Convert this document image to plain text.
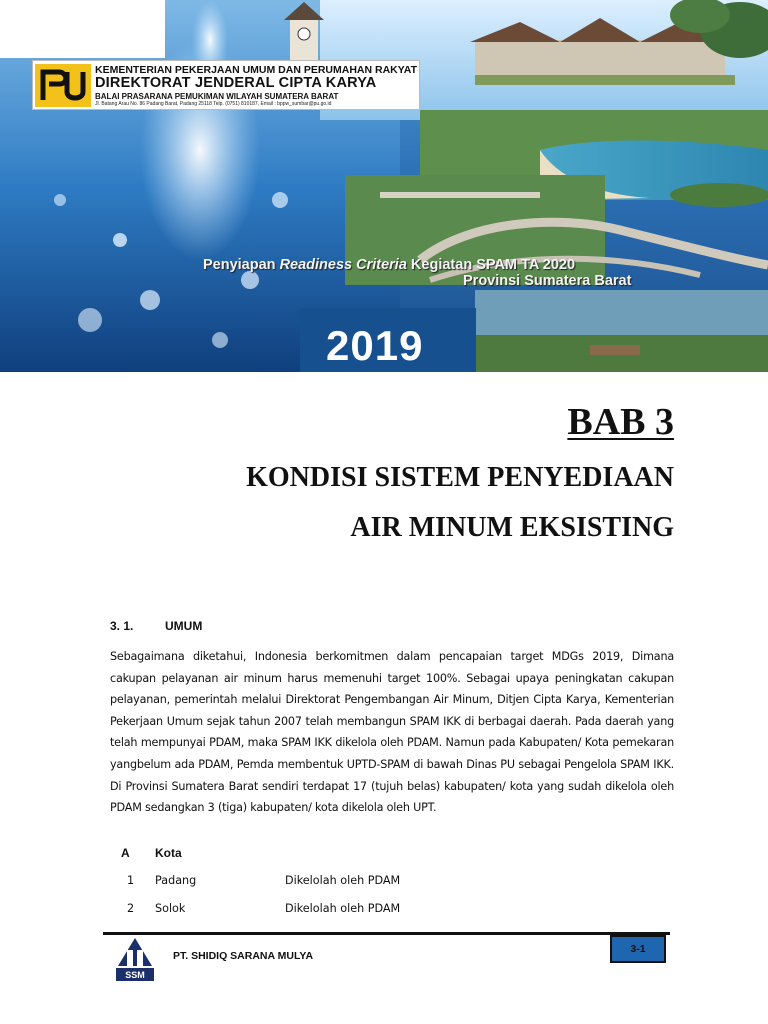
KEMENTERIAN PEKERJAAN UMUM DAN PERUMAHAN RAKYAT
DIREKTORAT JENDERAL CIPTA KARYA
BALAI PRASARANA PEMUKIMAN WILAYAH SUMATERA BARAT
Jl. Batang Arau No. 86 Padang Barat, Padang 25118 Telp. (0751) 810187, Email : bppw_sumbar@pu.go.id
Penyiapan Readiness Criteria Kegiatan SPAM TA 2020
Provinsi Sumatera Barat
2019
BAB 3
KONDISI SISTEM PENYEDIAAN
AIR MINUM EKSISTING
3. 1.	UMUM
Sebagaimana diketahui, Indonesia berkomitmen dalam pencapaian target MDGs 2019, Dimana cakupan pelayanan air minum harus memenuhi target 100%. Sebagai upaya peningkatan cakupan pelayanan, pemerintah melalui Direktorat Pengembangan Air Minum, Ditjen Cipta Karya, Kementerian Pekerjaan Umum sejak tahun 2007 telah membangun SPAM IKK di berbagai daerah. Pada daerah yang telah mempunyai PDAM, maka SPAM IKK dikelola oleh PDAM. Namun pada Kabupaten/ Kota pemekaran yangbelum ada PDAM, Pemda membentuk UPTD-SPAM di bawah Dinas PU sebagai Pengelola SPAM IKK. Di Provinsi Sumatera Barat sendiri terdapat 17 (tujuh belas) kabupaten/ kota yang sudah dikelola oleh PDAM sedangkan 3 (tiga) kabupaten/ kota dikelola oleh UPT.
A Kota
1 Padang	Dikelolah oleh PDAM
2 Solok	Dikelolah oleh PDAM
SSM
PT. SHIDIQ SARANA MULYA
3-1
